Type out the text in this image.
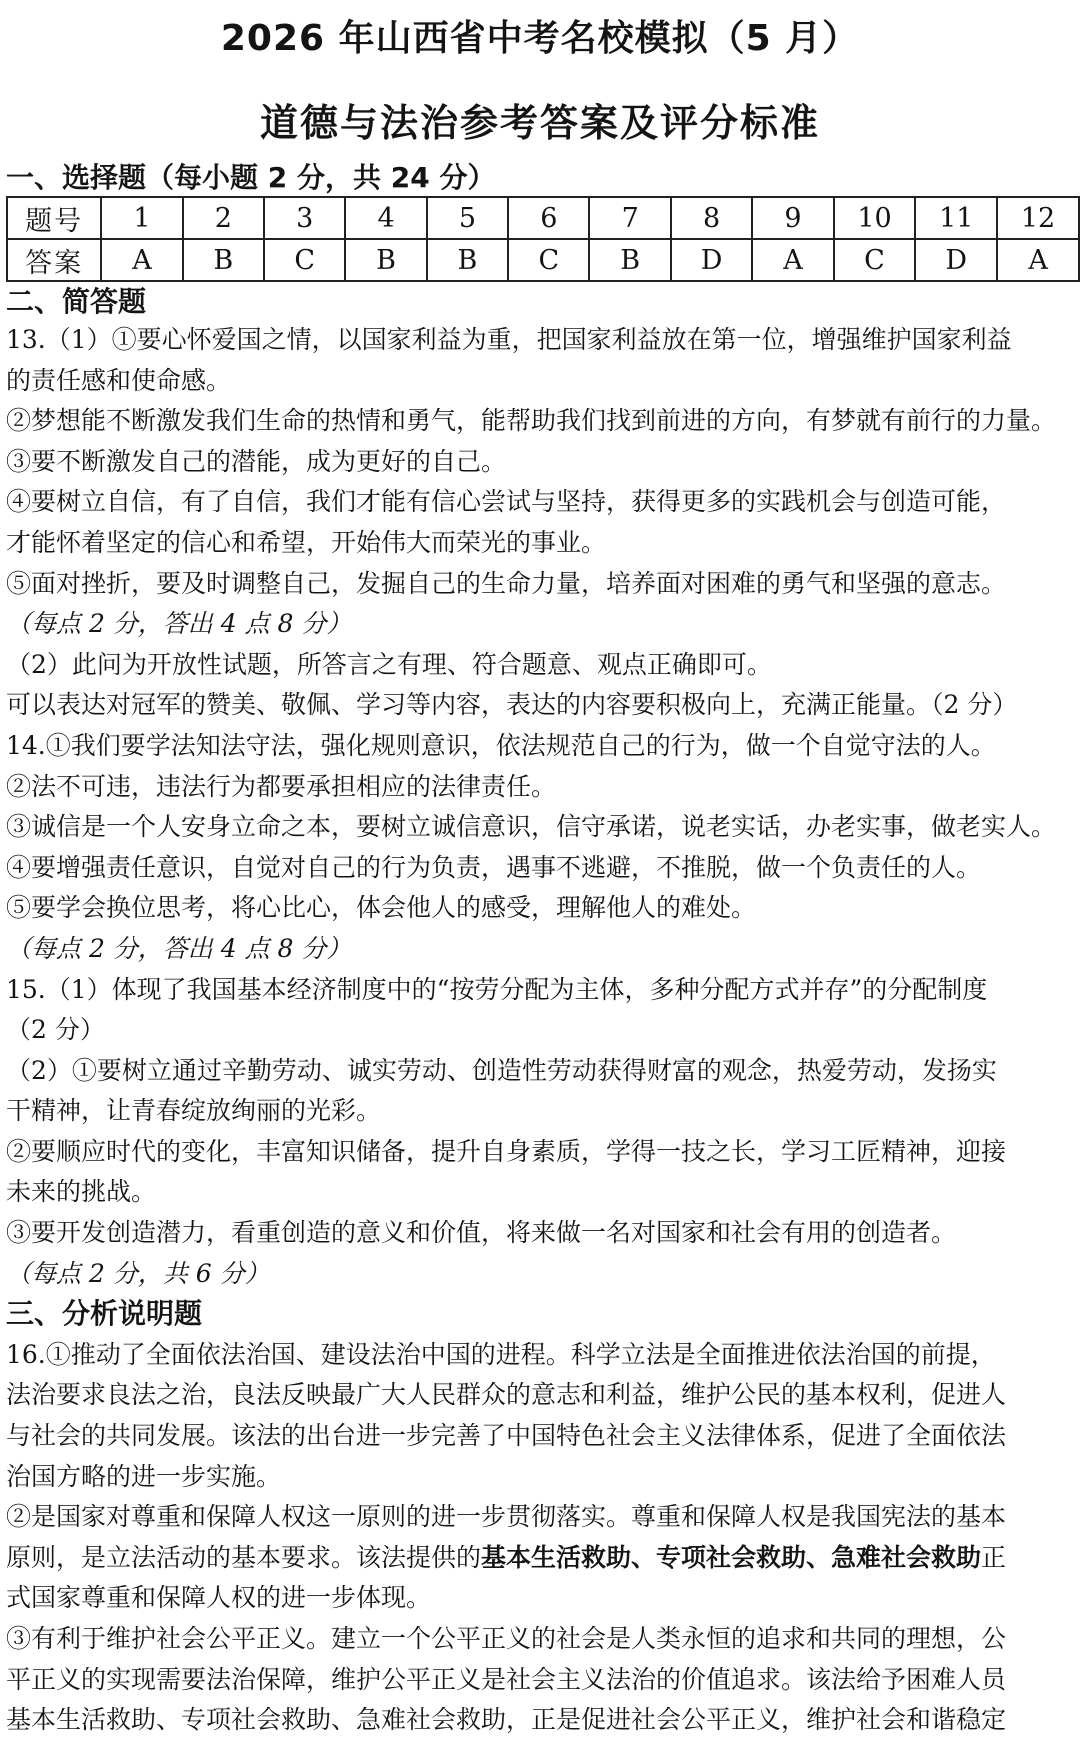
2026 年山西省中考名校模拟（5 月）
道德与法治参考答案及评分标准
一、选择题（每小题 2 分，共 24 分）
题号	1	2	3	4	5	6	7	8	9	10	11	12
答案	A	B	C	B	B	C	B	D	A	C	D	A
二、简答题
13.（1）①要心怀爱国之情，以国家利益为重，把国家利益放在第一位，增强维护国家利益
的责任感和使命感。
②梦想能不断激发我们生命的热情和勇气，能帮助我们找到前进的方向，有梦就有前行的力量。
③要不断激发自己的潜能，成为更好的自己。
④要树立自信，有了自信，我们才能有信心尝试与坚持，获得更多的实践机会与创造可能，
才能怀着坚定的信心和希望，开始伟大而荣光的事业。
⑤面对挫折，要及时调整自己，发掘自己的生命力量，培养面对困难的勇气和坚强的意志。
（每点 2 分，答出 4 点 8 分）
（2）此问为开放性试题，所答言之有理、符合题意、观点正确即可。
可以表达对冠军的赞美、敬佩、学习等内容，表达的内容要积极向上，充满正能量。（2 分）
14.①我们要学法知法守法，强化规则意识，依法规范自己的行为，做一个自觉守法的人。
②法不可违，违法行为都要承担相应的法律责任。
③诚信是一个人安身立命之本，要树立诚信意识，信守承诺，说老实话，办老实事，做老实人。
④要增强责任意识，自觉对自己的行为负责，遇事不逃避，不推脱，做一个负责任的人。
⑤要学会换位思考，将心比心，体会他人的感受，理解他人的难处。
（每点 2 分，答出 4 点 8 分）
15.（1）体现了我国基本经济制度中的“按劳分配为主体，多种分配方式并存”的分配制度
（2 分）
（2）①要树立通过辛勤劳动、诚实劳动、创造性劳动获得财富的观念，热爱劳动，发扬实
干精神，让青春绽放绚丽的光彩。
②要顺应时代的变化，丰富知识储备，提升自身素质，学得一技之长，学习工匠精神，迎接
未来的挑战。
③要开发创造潜力，看重创造的意义和价值，将来做一名对国家和社会有用的创造者。
（每点 2 分，共 6 分）
三、分析说明题
16.①推动了全面依法治国、建设法治中国的进程。科学立法是全面推进依法治国的前提，
法治要求良法之治，良法反映最广大人民群众的意志和利益，维护公民的基本权利，促进人
与社会的共同发展。该法的出台进一步完善了中国特色社会主义法律体系，促进了全面依法
治国方略的进一步实施。
②是国家对尊重和保障人权这一原则的进一步贯彻落实。尊重和保障人权是我国宪法的基本
原则，是立法活动的基本要求。该法提供的基本生活救助、专项社会救助、急难社会救助正
式国家尊重和保障人权的进一步体现。
③有利于维护社会公平正义。建立一个公平正义的社会是人类永恒的追求和共同的理想，公
平正义的实现需要法治保障，维护公平正义是社会主义法治的价值追求。该法给予困难人员
基本生活救助、专项社会救助、急难社会救助，正是促进社会公平正义，维护社会和谐稳定
